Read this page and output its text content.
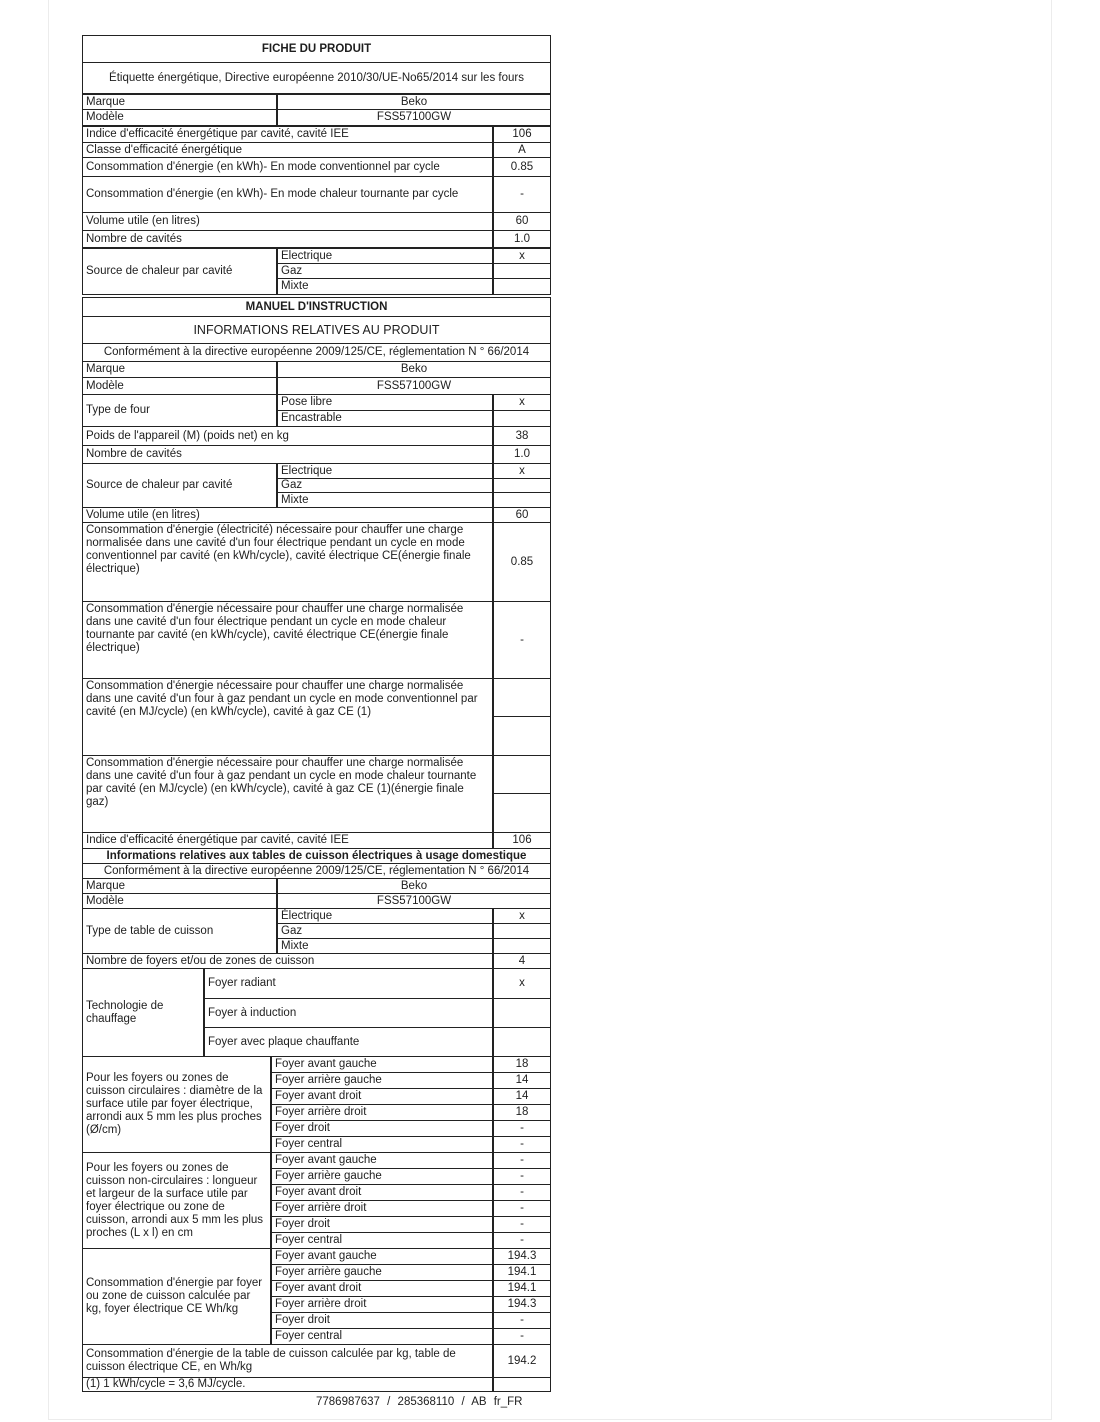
FICHE DU PRODUIT
Étiquette énergétique, Directive européenne 2010/30/UE-No65/2014 sur les fours
Marque	Beko
Modèle	FSS57100GW
Indice d'efficacité énergétique par cavité, cavité IEE	106
Classe d'efficacité énergétique	A
Consommation d'énergie (en kWh)- En mode conventionnel par cycle	0.85
Consommation d'énergie (en kWh)- En mode chaleur tournante par cycle	-
Volume utile (en litres)	60
Nombre de cavités	1.0
Source de chaleur par cavité
Electrique	x
Gaz
Mixte
MANUEL D'INSTRUCTION
INFORMATIONS RELATIVES AU PRODUIT
Conformément à la directive européenne 2009/125/CE, réglementation N ° 66/2014
Marque	Beko
Modèle	FSS57100GW
Type de four
Pose libre	x
Encastrable
Poids de l'appareil (M) (poids net) en kg	38
Nombre de cavités	1.0
Source de chaleur par cavité
Electrique	x
Gaz
Mixte
Volume utile (en litres)	60
Consommation d'énergie (électricité) nécessaire pour chauffer une charge normalisée dans une cavité d'un four électrique pendant un cycle en mode conventionnel par cavité (en kWh/cycle), cavité électrique CE(énergie finale électrique)
0.85
Consommation d'énergie nécessaire pour chauffer une charge normalisée dans une cavité d'un four électrique pendant un cycle en mode chaleur tournante par cavité (en kWh/cycle), cavité électrique CE(énergie finale électrique)
-
Consommation d'énergie nécessaire pour chauffer une charge normalisée dans une cavité d'un four à gaz pendant un cycle en mode conventionnel par cavité (en MJ/cycle) (en kWh/cycle), cavité à gaz CE (1)
Consommation d'énergie nécessaire pour chauffer une charge normalisée dans une cavité d'un four à gaz pendant un cycle en mode chaleur tournante par cavité (en MJ/cycle) (en kWh/cycle), cavité à gaz CE (1)(énergie finale gaz)
Indice d'efficacité énergétique par cavité, cavité IEE	106
Informations relatives aux tables de cuisson électriques à usage domestique
Conformément à la directive européenne 2009/125/CE, réglementation N ° 66/2014
Marque	Beko
Modèle	FSS57100GW
Type de table de cuisson
Électrique	x
Gaz
Mixte
Nombre de foyers et/ou de zones de cuisson	4
Technologie de chauffage
Foyer radiant	x
Foyer à induction
Foyer avec plaque chauffante
Pour les foyers ou zones de cuisson circulaires : diamètre de la surface utile par foyer électrique, arrondi aux 5 mm les plus proches (Ø/cm)
Foyer avant gauche	18
Foyer arrière gauche	14
Foyer avant droit	14
Foyer arrière droit	18
Foyer droit	-
Foyer central	-
Pour les foyers ou zones de cuisson non-circulaires : longueur et largeur de la surface utile par foyer électrique ou zone de cuisson, arrondi aux 5 mm les plus proches (L x l) en cm
Foyer avant gauche	-
Foyer arrière gauche	-
Foyer avant droit	-
Foyer arrière droit	-
Foyer droit	-
Foyer central	-
Consommation d'énergie par foyer ou zone de cuisson calculée par kg, foyer électrique CE Wh/kg
Foyer avant gauche	194.3
Foyer arrière gauche	194.1
Foyer avant droit	194.1
Foyer arrière droit	194.3
Foyer droit	-
Foyer central	-
Consommation d'énergie de la table de cuisson calculée par kg, table de cuisson électrique CE, en Wh/kg
194.2
(1) 1 kWh/cycle = 3,6 MJ/cycle.
7786987637 / 285368110 / AB fr_FR
